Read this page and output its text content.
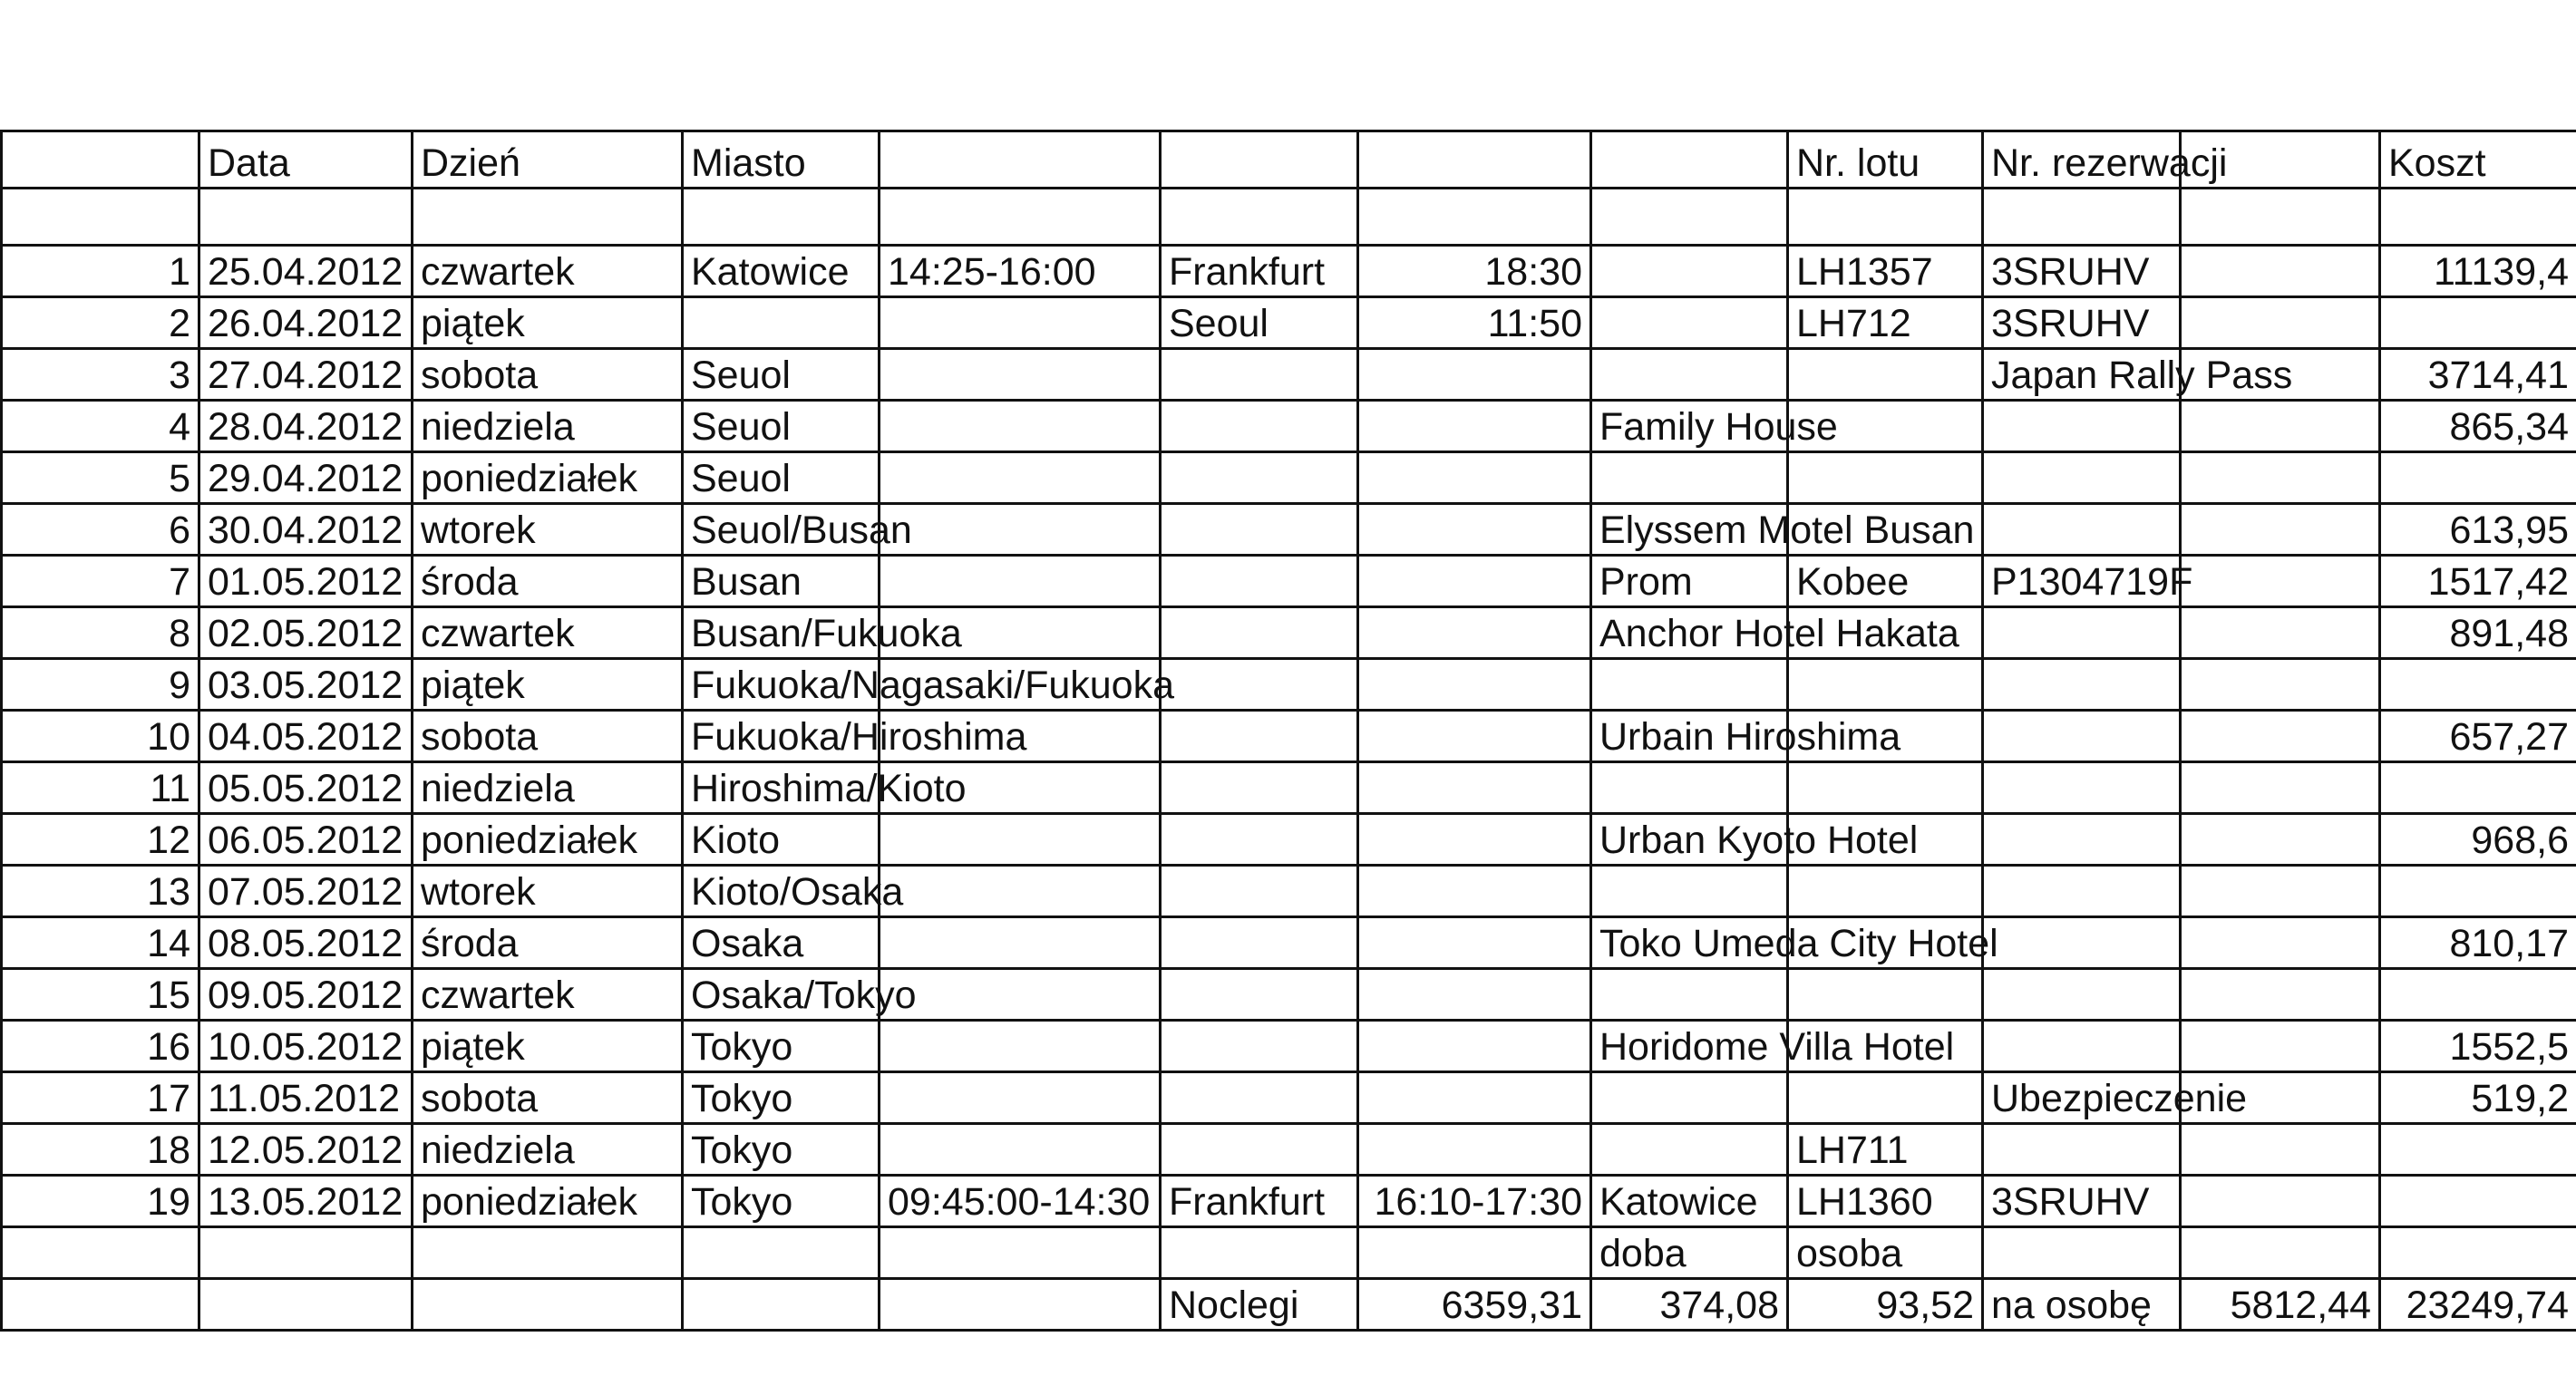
	Data	Dzień	Miasto					Nr. lotu	Nr. rezerwacji		Koszt

1	25.04.2012	czwartek	Katowice	14:25-16:00	Frankfurt	18:30		LH1357	3SRUHV		11139,4
2	26.04.2012	piątek			Seoul	11:50		LH712	3SRUHV		
3	27.04.2012	sobota	Seuol						Japan Rally Pass		3714,41
4	28.04.2012	niedziela	Seuol				Family House				865,34
5	29.04.2012	poniedziałek	Seuol								
6	30.04.2012	wtorek	Seuol/Busan				Elyssem Motel Busan				613,95
7	01.05.2012	środa	Busan				Prom	Kobee	P1304719F		1517,42
8	02.05.2012	czwartek	Busan/Fukuoka				Anchor Hotel Hakata				891,48
9	03.05.2012	piątek	Fukuoka/Nagasaki/Fukuoka								
10	04.05.2012	sobota	Fukuoka/Hiroshima				Urbain Hiroshima				657,27
11	05.05.2012	niedziela	Hiroshima/Kioto								
12	06.05.2012	poniedziałek	Kioto				Urban Kyoto Hotel				968,6
13	07.05.2012	wtorek	Kioto/Osaka								
14	08.05.2012	środa	Osaka				Toko Umeda City Hotel				810,17
15	09.05.2012	czwartek	Osaka/Tokyo								
16	10.05.2012	piątek	Tokyo				Horidome Villa Hotel				1552,5
17	11.05.2012	sobota	Tokyo						Ubezpieczenie		519,2
18	12.05.2012	niedziela	Tokyo					LH711			
19	13.05.2012	poniedziałek	Tokyo	09:45:00-14:30	Frankfurt	16:10-17:30	Katowice	LH1360	3SRUHV		
							doba	osoba			
					Noclegi	6359,31	374,08	93,52	na osobę	5812,44	23249,74
